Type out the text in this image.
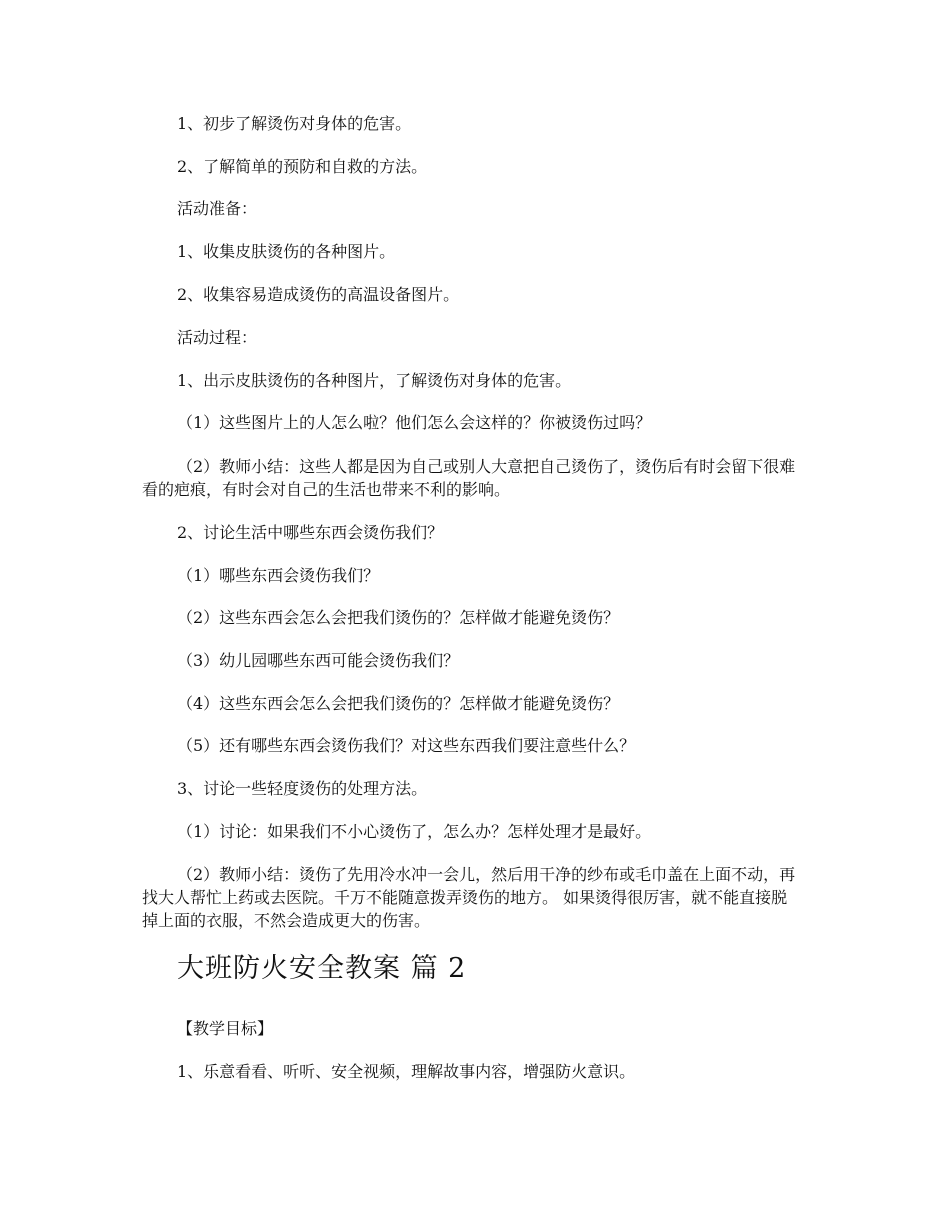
1、初步了解烫伤对身体的危害。
2、了解简单的预防和自救的方法。
活动准备：
1、收集皮肤烫伤的各种图片。
2、收集容易造成烫伤的高温设备图片。
活动过程：
1、出示皮肤烫伤的各种图片，了解烫伤对身体的危害。
（1）这些图片上的人怎么啦？他们怎么会这样的？你被烫伤过吗？
（2）教师小结：这些人都是因为自己或别人大意把自己烫伤了，烫伤后有时会留下很难看的疤痕，有时会对自己的生活也带来不利的影响。
2、讨论生活中哪些东西会烫伤我们？
（1）哪些东西会烫伤我们？
（2）这些东西会怎么会把我们烫伤的？怎样做才能避免烫伤？
（3）幼儿园哪些东西可能会烫伤我们？
（4）这些东西会怎么会把我们烫伤的？怎样做才能避免烫伤？
（5）还有哪些东西会烫伤我们？对这些东西我们要注意些什么？
3、讨论一些轻度烫伤的处理方法。
（1）讨论：如果我们不小心烫伤了，怎么办？怎样处理才是最好。
（2）教师小结：烫伤了先用冷水冲一会儿，然后用干净的纱布或毛巾盖在上面不动，再找大人帮忙上药或去医院。千万不能随意拨弄烫伤的地方。 如果烫得很厉害，就不能直接脱掉上面的衣服，不然会造成更大的伤害。
大班防火安全教案 篇 2
【教学目标】
1、乐意看看、听听、安全视频，理解故事内容，增强防火意识。
